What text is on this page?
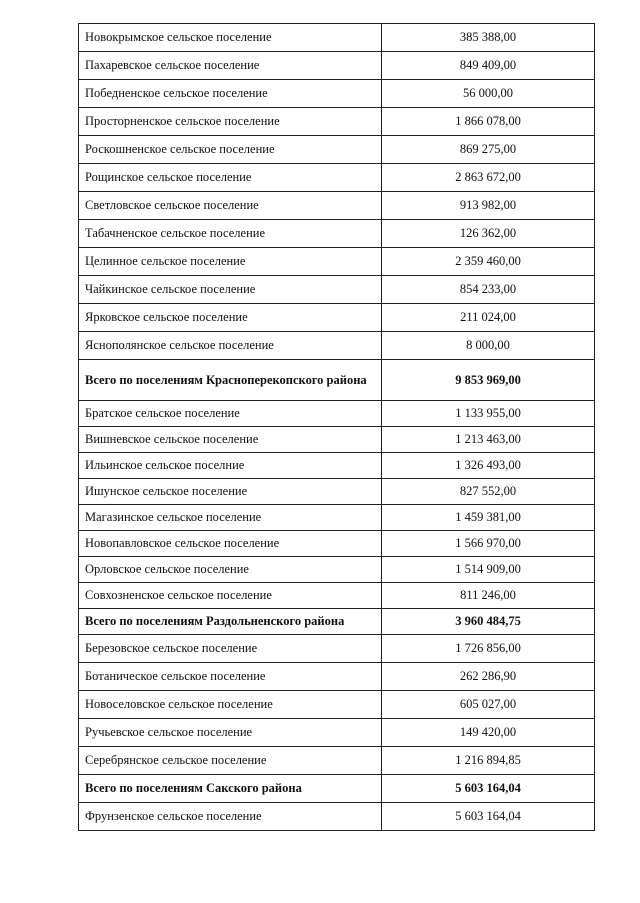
Новокрымское сельское поселение	385 388,00
Пахаревское сельское поселение	849 409,00
Победненское сельское поселение	56 000,00
Просторненское сельское поселение	1 866 078,00
Роскошненское сельское поселение	869 275,00
Рощинское сельское поселение	2 863 672,00
Светловское сельское поселение	913 982,00
Табачненское сельское поселение	126 362,00
Целинное сельское поселение	2 359 460,00
Чайкинское сельское поселение	854 233,00
Ярковское сельское поселение	211 024,00
Яснополянское сельское поселение	8 000,00
Всего по поселениям Красноперекопского района	9 853 969,00
Братское сельское поселение	1 133 955,00
Вишневское сельское поселение	1 213 463,00
Ильинское сельское поселние	1 326 493,00
Ишунское сельское поселение	827 552,00
Магазинское сельское поселение	1 459 381,00
Новопавловское сельское поселение	1 566 970,00
Орловское сельское поселение	1 514 909,00
Совхозненское сельское поселение	811 246,00
Всего по поселениям Раздольненского района	3 960 484,75
Березовское сельское поселение	1 726 856,00
Ботаническое сельское поселение	262 286,90
Новоселовское сельское поселение	605 027,00
Ручьевское сельское поселение	149 420,00
Серебрянское сельское поселение	1 216 894,85
Всего по поселениям Сакского района	5 603 164,04
Фрунзенское сельское поселение	5 603 164,04
